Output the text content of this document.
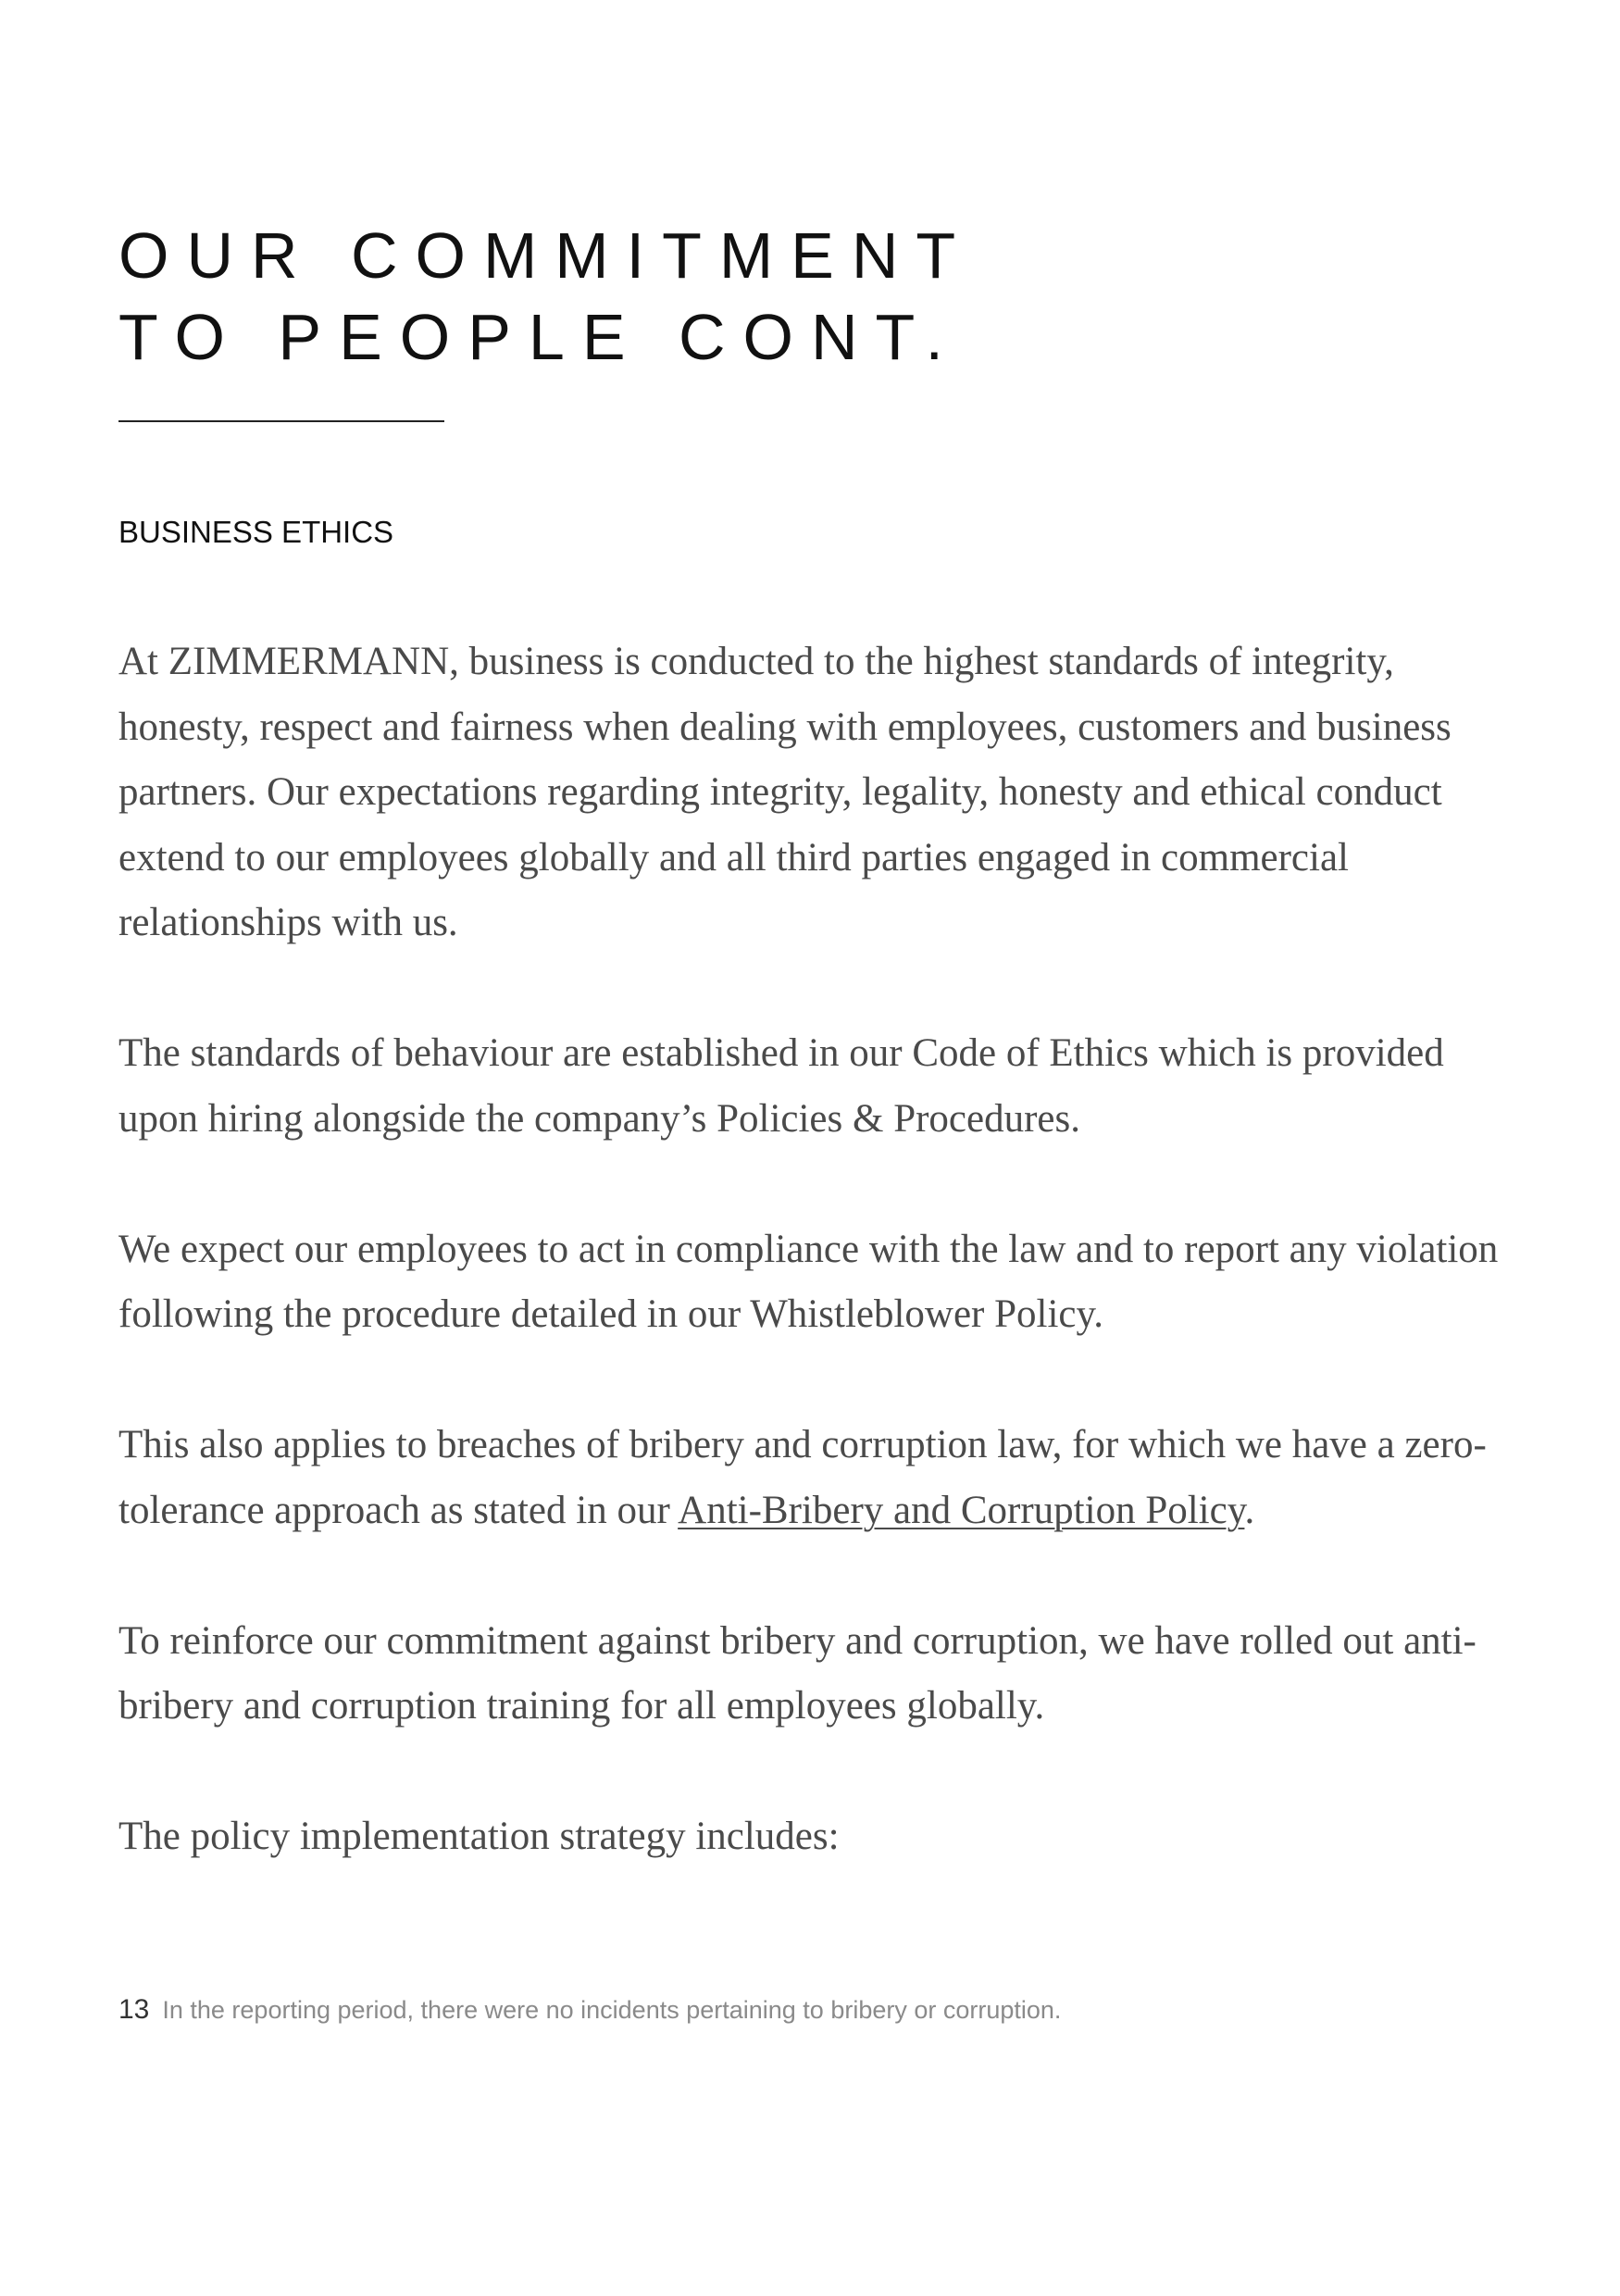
OUR COMMITMENT
TO PEOPLE CONT.
BUSINESS ETHICS

At ZIMMERMANN, business is conducted to the highest standards of integrity, honesty, respect and fairness when dealing with employees, customers and business partners. Our expectations regarding integrity, legality, honesty and ethical conduct extend to our employees globally and all third parties engaged in commercial relationships with us.

The standards of behaviour are established in our Code of Ethics which is provided upon hiring alongside the company’s Policies & Procedures.

We expect our employees to act in compliance with the law and to report any violation following the procedure detailed in our Whistleblower Policy.

This also applies to breaches of bribery and corruption law, for which we have a zero-tolerance approach as stated in our Anti-Bribery and Corruption Policy.

To reinforce our commitment against bribery and corruption, we have rolled out anti-bribery and corruption training for all employees globally.

The policy implementation strategy includes:

13 In the reporting period, there were no incidents pertaining to bribery or corruption.
